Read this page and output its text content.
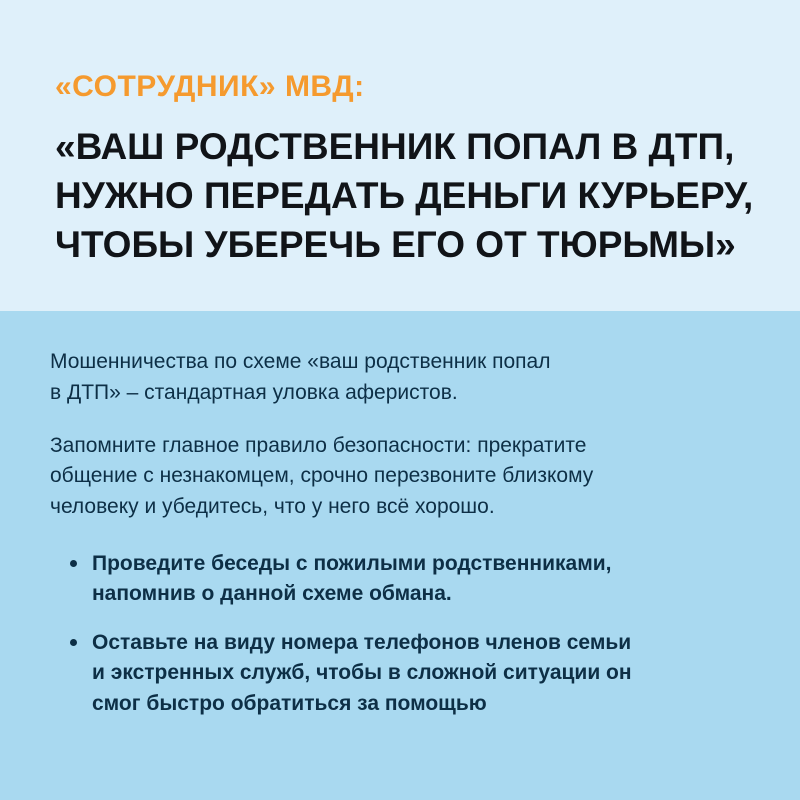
«СОТРУДНИК» МВД:
«ВАШ РОДСТВЕННИК ПОПАЛ В ДТП,
НУЖНО ПЕРЕДАТЬ ДЕНЬГИ КУРЬЕРУ,
ЧТОБЫ УБЕРЕЧЬ ЕГО ОТ ТЮРЬМЫ»

Мошенничества по схеме «ваш родственник попал
в ДТП» – стандартная уловка аферистов.

Запомните главное правило безопасности: прекратите
общение с незнакомцем, срочно перезвоните близкому
человеку и убедитесь, что у него всё хорошо.

Проведите беседы с пожилыми родственниками,
напомнив о данной схеме обмана.
Оставьте на виду номера телефонов членов семьи
и экстренных служб, чтобы в сложной ситуации он
смог быстро обратиться за помощью
